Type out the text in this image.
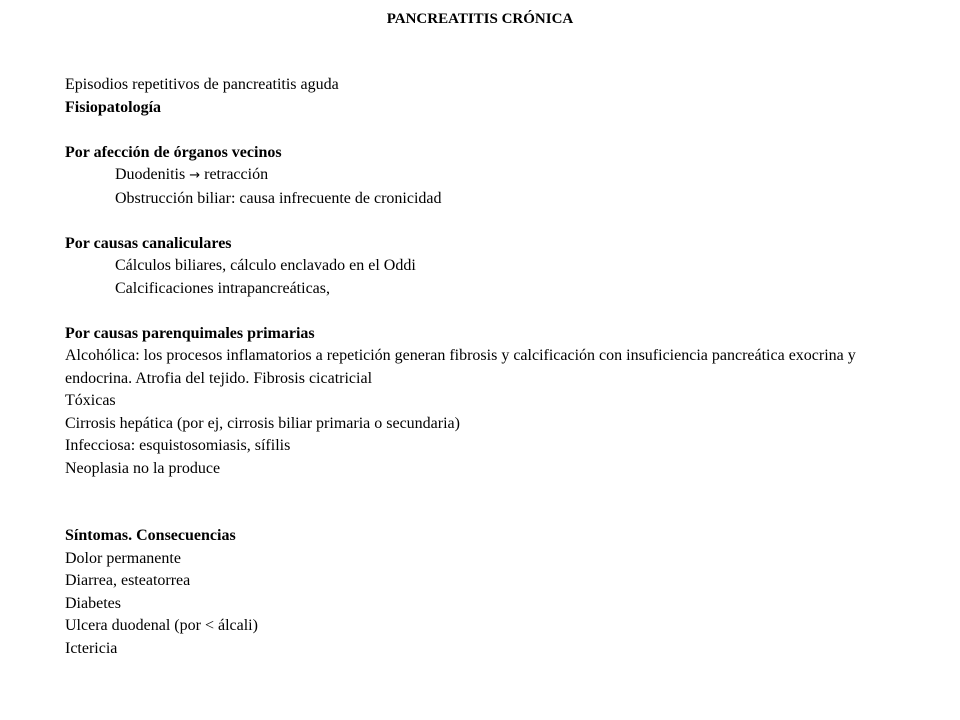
PANCREATITIS CRÓNICA
Episodios repetitivos de pancreatitis aguda
Fisiopatología
Por afección de órganos vecinos
Duodenitis → retracción
Obstrucción biliar: causa infrecuente de cronicidad
Por causas canaliculares
Cálculos biliares, cálculo enclavado en el Oddi
Calcificaciones intrapancreáticas,
Por causas parenquimales primarias
Alcohólica: los procesos inflamatorios a repetición generan fibrosis y calcificación con insuficiencia pancreática exocrina y endocrina. Atrofia del tejido. Fibrosis cicatricial
Tóxicas
Cirrosis hepática (por ej, cirrosis biliar primaria o secundaria)
Infecciosa: esquistosomiasis, sífilis
Neoplasia no la produce
Síntomas. Consecuencias
Dolor permanente
Diarrea, esteatorrea
Diabetes
Ulcera duodenal (por < álcali)
Ictericia
